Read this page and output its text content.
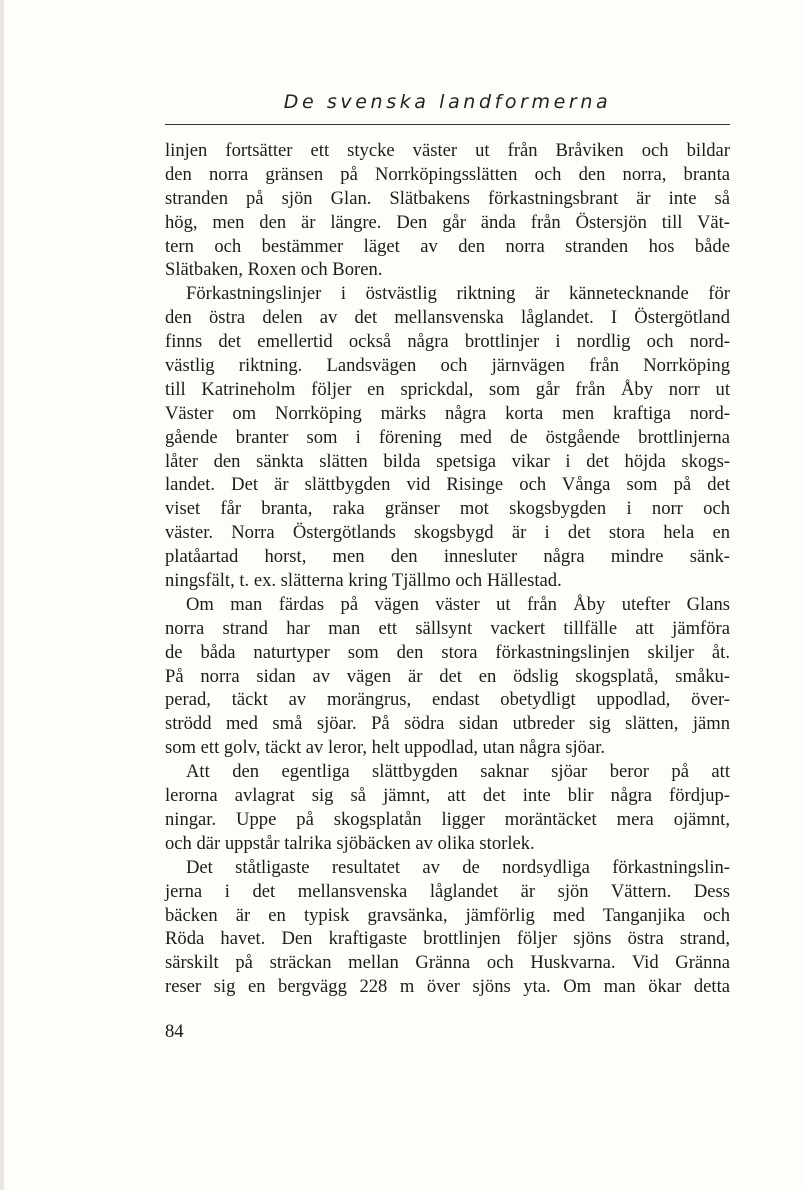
De svenska landformerna
linjen fortsätter ett stycke väster ut från Bråviken och bildar
den norra gränsen på Norrköpingsslätten och den norra, branta
stranden på sjön Glan. Slätbakens förkastningsbrant är inte så
hög, men den är längre. Den går ända från Östersjön till Vät-
tern och bestämmer läget av den norra stranden hos både
Slätbaken, Roxen och Boren.
Förkastningslinjer i östvästlig riktning är kännetecknande för
den östra delen av det mellansvenska låglandet. I Östergötland
finns det emellertid också några brottlinjer i nordlig och nord-
västlig riktning. Landsvägen och järnvägen från Norrköping
till Katrineholm följer en sprickdal, som går från Åby norr ut
Väster om Norrköping märks några korta men kraftiga nord-
gående branter som i förening med de östgående brottlinjerna
låter den sänkta slätten bilda spetsiga vikar i det höjda skogs-
landet. Det är slättbygden vid Risinge och Vånga som på det
viset får branta, raka gränser mot skogsbygden i norr och
väster. Norra Östergötlands skogsbygd är i det stora hela en
platåartad horst, men den innesluter några mindre sänk-
ningsfält, t. ex. slätterna kring Tjällmo och Hällestad.
Om man färdas på vägen väster ut från Åby utefter Glans
norra strand har man ett sällsynt vackert tillfälle att jämföra
de båda naturtyper som den stora förkastningslinjen skiljer åt.
På norra sidan av vägen är det en ödslig skogsplatå, småku-
perad, täckt av morängrus, endast obetydligt uppodlad, över-
strödd med små sjöar. På södra sidan utbreder sig slätten, jämn
som ett golv, täckt av leror, helt uppodlad, utan några sjöar.
Att den egentliga slättbygden saknar sjöar beror på att
lerorna avlagrat sig så jämnt, att det inte blir några fördjup-
ningar. Uppe på skogsplatån ligger moräntäcket mera ojämnt,
och där uppstår talrika sjöbäcken av olika storlek.
Det ståtligaste resultatet av de nordsydliga förkastningslin-
jerna i det mellansvenska låglandet är sjön Vättern. Dess
bäcken är en typisk gravsänka, jämförlig med Tanganjika och
Röda havet. Den kraftigaste brottlinjen följer sjöns östra strand,
särskilt på sträckan mellan Gränna och Huskvarna. Vid Gränna
reser sig en bergvägg 228 m över sjöns yta. Om man ökar detta
84
